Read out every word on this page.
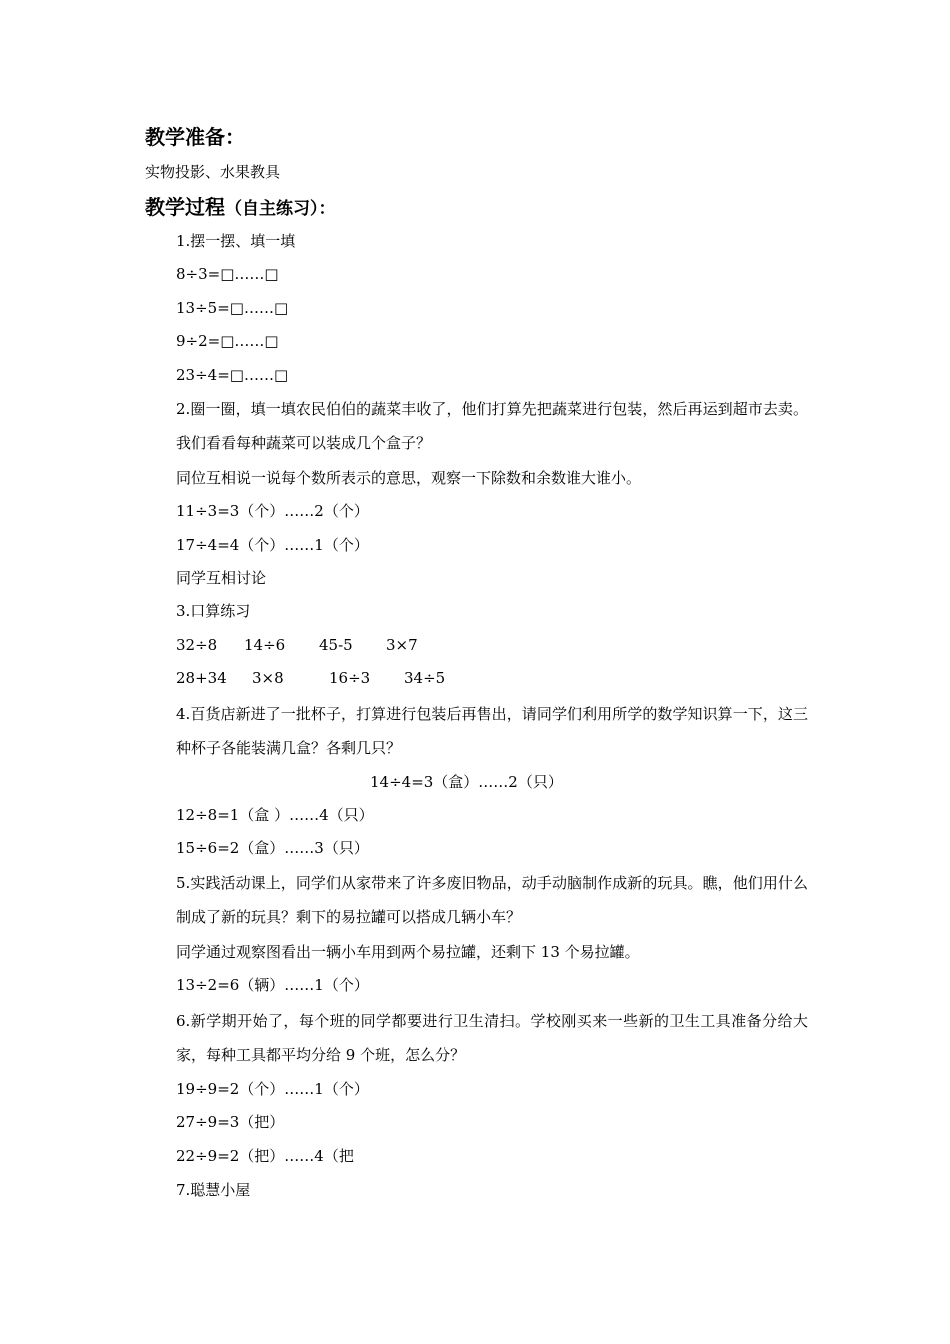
教学准备：
实物投影、水果教具
教学过程（自主练习）：
1.摆一摆、填一填
8÷3=□……□
13÷5=□……□
9÷2=□……□
23÷4=□……□
2.圈一圈，填一填农民伯伯的蔬菜丰收了，他们打算先把蔬菜进行包装，然后再运到超市去卖。我们看看每种蔬菜可以装成几个盒子？
同位互相说一说每个数所表示的意思，观察一下除数和余数谁大谁小。
11÷3=3（个）……2（个）
17÷4=4（个）……1（个）
同学互相讨论
3.口算练习
32÷8 14÷6 45-5 3×7
28+34 3×8	16÷3 34÷5
4.百货店新进了一批杯子，打算进行包装后再售出，请同学们利用所学的数学知识算一下，这三种杯子各能装满几盒？各剩几只？
14÷4=3（盒）……2（只）
12÷8=1（盒 ）……4（只）
15÷6=2（盒）……3（只）
5.实践活动课上，同学们从家带来了许多废旧物品，动手动脑制作成新的玩具。瞧，他们用什么制成了新的玩具？剩下的易拉罐可以搭成几辆小车？
同学通过观察图看出一辆小车用到两个易拉罐，还剩下 13 个易拉罐。
13÷2=6（辆）……1（个）
6.新学期开始了，每个班的同学都要进行卫生清扫。学校刚买来一些新的卫生工具准备分给大家，每种工具都平均分给 9 个班，怎么分？
19÷9=2（个）……1（个）
27÷9=3（把）
22÷9=2（把）……4（把
7.聪慧小屋
